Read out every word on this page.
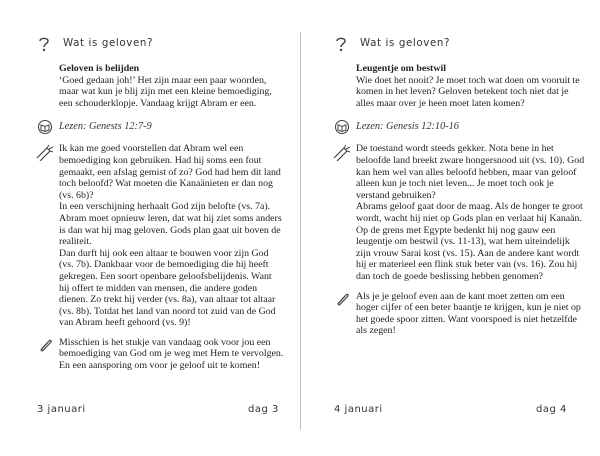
Wat is geloven?
Geloven is belijden
‘Goed gedaan joh!’ Het zijn maar een paar woorden, maar wat kun je blij zijn met een kleine bemoediging, een schouderklopje. Vandaag krijgt Abram er een.
Lezen: Genests 12:7-9
Ik kan me goed voorstellen dat Abram wel een bemoediging kon gebruiken. Had hij soms een fout gemaakt, een afslag gemist of zo? God had hem dit land toch beloofd? Wat moeten die Kanaänieten er dan nog (vs. 6b)?
In een verschijning herhaalt God zijn belofte (vs. 7a). Abram moet opnieuw leren, dat wat hij ziet soms anders is dan wat hij mag geloven. Gods plan gaat uit boven de realiteit.
Dan durft hij ook een altaar te bouwen voor zijn God (vs. 7b). Dankbaar voor de bemoediging die hij heeft gekregen. Een soort openbare geloofsbelijdenis. Want hij offert te midden van mensen, die andere goden dienen. Zo trekt hij verder (vs. 8a), van altaar tot altaar (vs. 8b). Totdat het land van noord tot zuid van de God van Abram heeft gehoord (vs. 9)!
Misschien is het stukje van vandaag ook voor jou een bemoediging van God om je weg met Hem te vervolgen. En een aansporing om voor je geloof uit te komen!
3 januari	dag 3
Wat is geloven?
Leugentje om bestwil
Wie doet het nooit? Je moet toch wat doen om vooruit te komen in het leven? Geloven betekent toch niet dat je alles maar over je heen moet laten komen?
Lezen: Genesis 12:10-16
De toestand wordt steeds gekker. Nota bene in het beloofde land breekt zware hongersnood uit (vs. 10). God kan hem wel van alles beloofd hebben, maar van geloof alleen kun je toch niet leven... Je moet toch ook je verstand gebruiken?
Abrams geloof gaat door de maag. Als de honger te groot wordt, wacht hij niet op Gods plan en verlaat hij Kanaän. Op de grens met Egypte bedenkt hij nog gauw een leugentje om bestwil (vs. 11-13), wat hem uiteindelijk zijn vrouw Sarai kost (vs. 15). Aan de andere kant wordt hij er materieel een flink stuk beter van (vs. 16). Zou hij dan toch de goede beslissing hebben genomen?
Als je je geloof even aan de kant moet zetten om een hoger cijfer of een beter baantje te krijgen, kun je niet op het goede spoor zitten. Want voorspoed is niet hetzelfde als zegen!
4 januari	dag 4
